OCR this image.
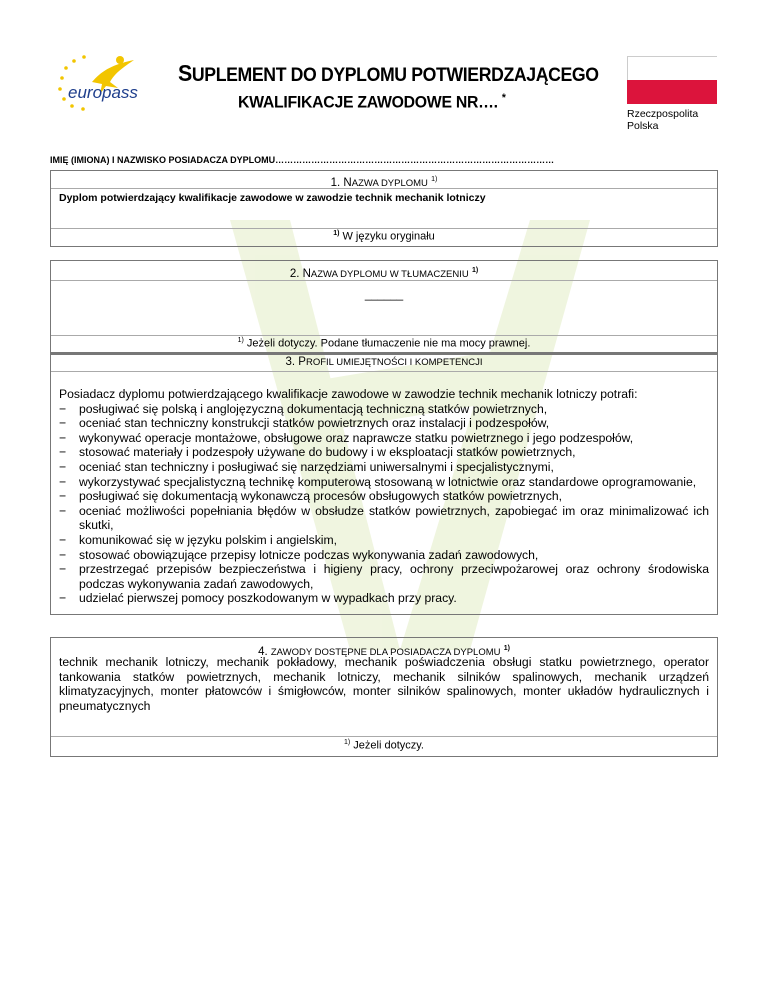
europass
SUPLEMENT DO DYPLOMU POTWIERDZAJĄCEGO
KWALIFIKACJE ZAWODOWE NR…. *
Rzeczpospolita
Polska
IMIĘ (IMIONA) I NAZWISKO POSIADACZA DYPLOMU…………………………………………………………………………………
1. NAZWA DYPLOMU $^{1)}$
Dyplom potwierdzający kwalifikacje zawodowe w zawodzie technik mechanik lotniczy
$^{1)}$ W języku oryginału
2. NAZWA DYPLOMU W TŁUMACZENIU $^{1)}$
______
$^{1)}$ Jeżeli dotyczy. Podane tłumaczenie nie ma mocy prawnej.
3. PROFIL UMIEJĘTNOŚCI I KOMPETENCJI
Posiadacz dyplomu potwierdzającego kwalifikacje zawodowe w zawodzie technik mechanik lotniczy potrafi:
− posługiwać się polską i anglojęzyczną dokumentacją techniczną statków powietrznych,
− oceniać stan techniczny konstrukcji statków powietrznych oraz instalacji i podzespołów,
− wykonywać operacje montażowe, obsługowe oraz naprawcze statku powietrznego i jego podzespołów,
− stosować materiały i podzespoły używane do budowy i w eksploatacji statków powietrznych,
− oceniać stan techniczny i posługiwać się narzędziami uniwersalnymi i specjalistycznymi,
− wykorzystywać specjalistyczną technikę komputerową stosowaną w lotnictwie oraz standardowe oprogramowanie,
− posługiwać się dokumentacją wykonawczą procesów obsługowych statków powietrznych,
− oceniać możliwości popełniania błędów w obsłudze statków powietrznych, zapobiegać im oraz minimalizować ich skutki,
− komunikować się w języku polskim i angielskim,
− stosować obowiązujące przepisy lotnicze podczas wykonywania zadań zawodowych,
− przestrzegać przepisów bezpieczeństwa i higieny pracy, ochrony przeciwpożarowej oraz ochrony środowiska podczas wykonywania zadań zawodowych,
− udzielać pierwszej pomocy poszkodowanym w wypadkach przy pracy.
4. ZAWODY DOSTĘPNE DLA POSIADACZA DYPLOMU $^{1)}$
technik mechanik lotniczy, mechanik pokładowy, mechanik poświadczenia obsługi statku powietrznego, operator tankowania statków powietrznych, mechanik lotniczy, mechanik silników spalinowych, mechanik urządzeń klimatyzacyjnych, monter płatowców i śmigłowców, monter silników spalinowych, monter układów hydraulicznych i pneumatycznych
$^{1)}$ Jeżeli dotyczy.
